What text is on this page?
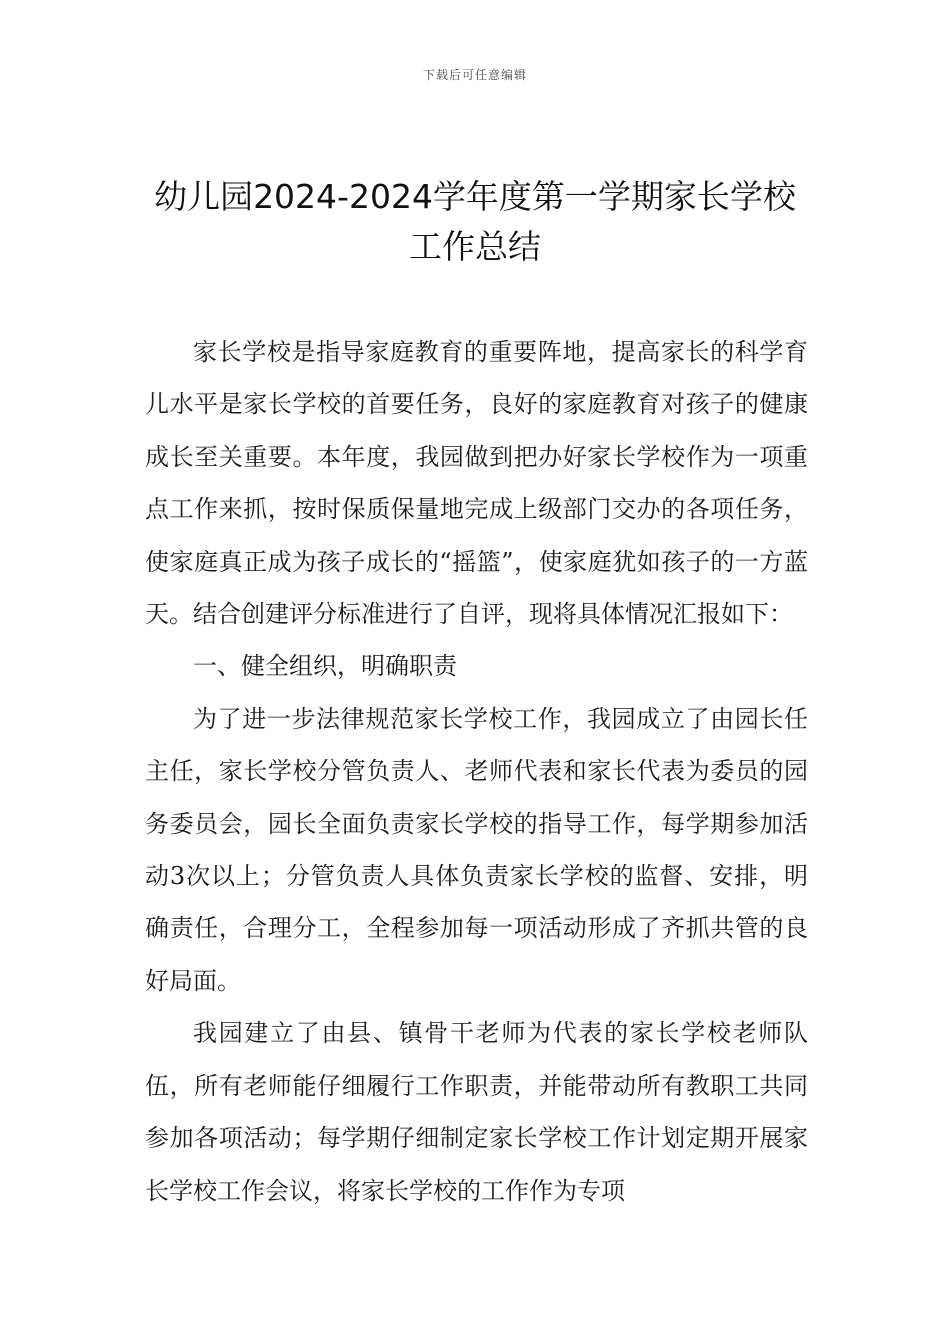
下载后可任意编辑
幼儿园2024-2024学年度第一学期家长学校工作总结

家长学校是指导家庭教育的重要阵地，提高家长的科学育儿水平是家长学校的首要任务，良好的家庭教育对孩子的健康成长至关重要。本年度，我园做到把办好家长学校作为一项重点工作来抓，按时保质保量地完成上级部门交办的各项任务，使家庭真正成为孩子成长的“摇篮”，使家庭犹如孩子的一方蓝天。结合创建评分标准进行了自评，现将具体情况汇报如下：

一、健全组织，明确职责

为了进一步法律规范家长学校工作，我园成立了由园长任主任，家长学校分管负责人、老师代表和家长代表为委员的园务委员会，园长全面负责家长学校的指导工作，每学期参加活动3次以上；分管负责人具体负责家长学校的监督、安排，明确责任，合理分工，全程参加每一项活动形成了齐抓共管的良好局面。

我园建立了由县、镇骨干老师为代表的家长学校老师队伍，所有老师能仔细履行工作职责，并能带动所有教职工共同参加各项活动；每学期仔细制定家长学校工作计划定期开展家长学校工作会议，将家长学校的工作作为专项
